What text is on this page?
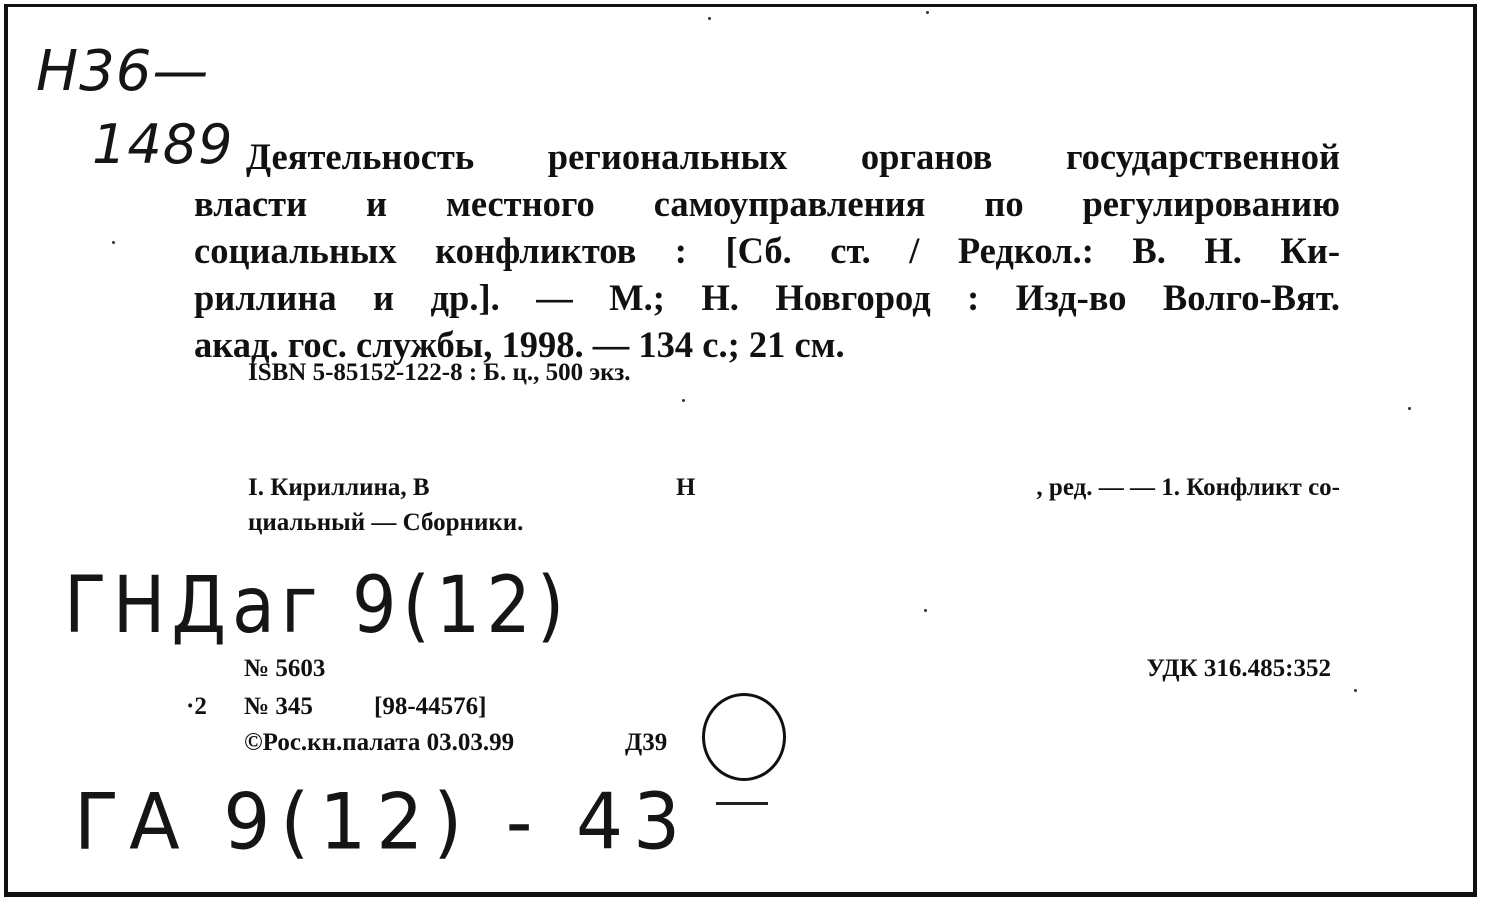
Н36—
1489 Деятельность региональных органов государственной
власти и местного самоуправления по регулированию
социальных конфликтов : [Сб. ст. / Редкол.: В. Н. Ки-
риллина и др.]. — М.; Н. Новгород : Изд-во Волго-Вят.
акад. гос. службы, 1998. — 134 с.; 21 см.
ISBN 5-85152-122-8 : Б. ц., 500 экз.
I. Кириллина, В	Н	, ред. — — 1. Конфликт со-
циальный — Сборники.
ГНДаг 9(12)
№ 5603	УДК 316.485:352
·2 № 345 [98-44576]
©Рос.кн.палата 03.03.99	Д39
ГА 9(12) - 43
